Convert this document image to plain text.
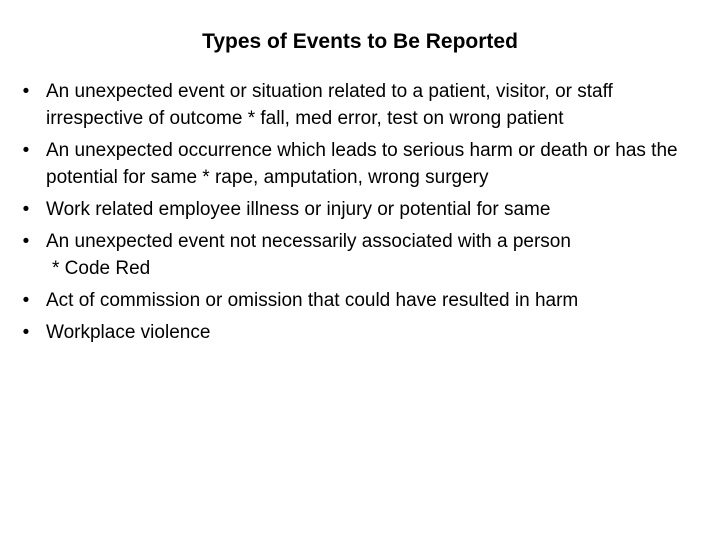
Types of Events to Be Reported
• An unexpected event or situation related to a patient, visitor, or staff irrespective of outcome * fall, med error, test on wrong patient
• An unexpected occurrence which leads to serious harm or death or has the potential for same * rape, amputation, wrong surgery
• Work related employee illness or injury or potential for same
• An unexpected event not necessarily associated with a person
* Code Red
• Act of commission or omission that could have resulted in harm
• Workplace violence
